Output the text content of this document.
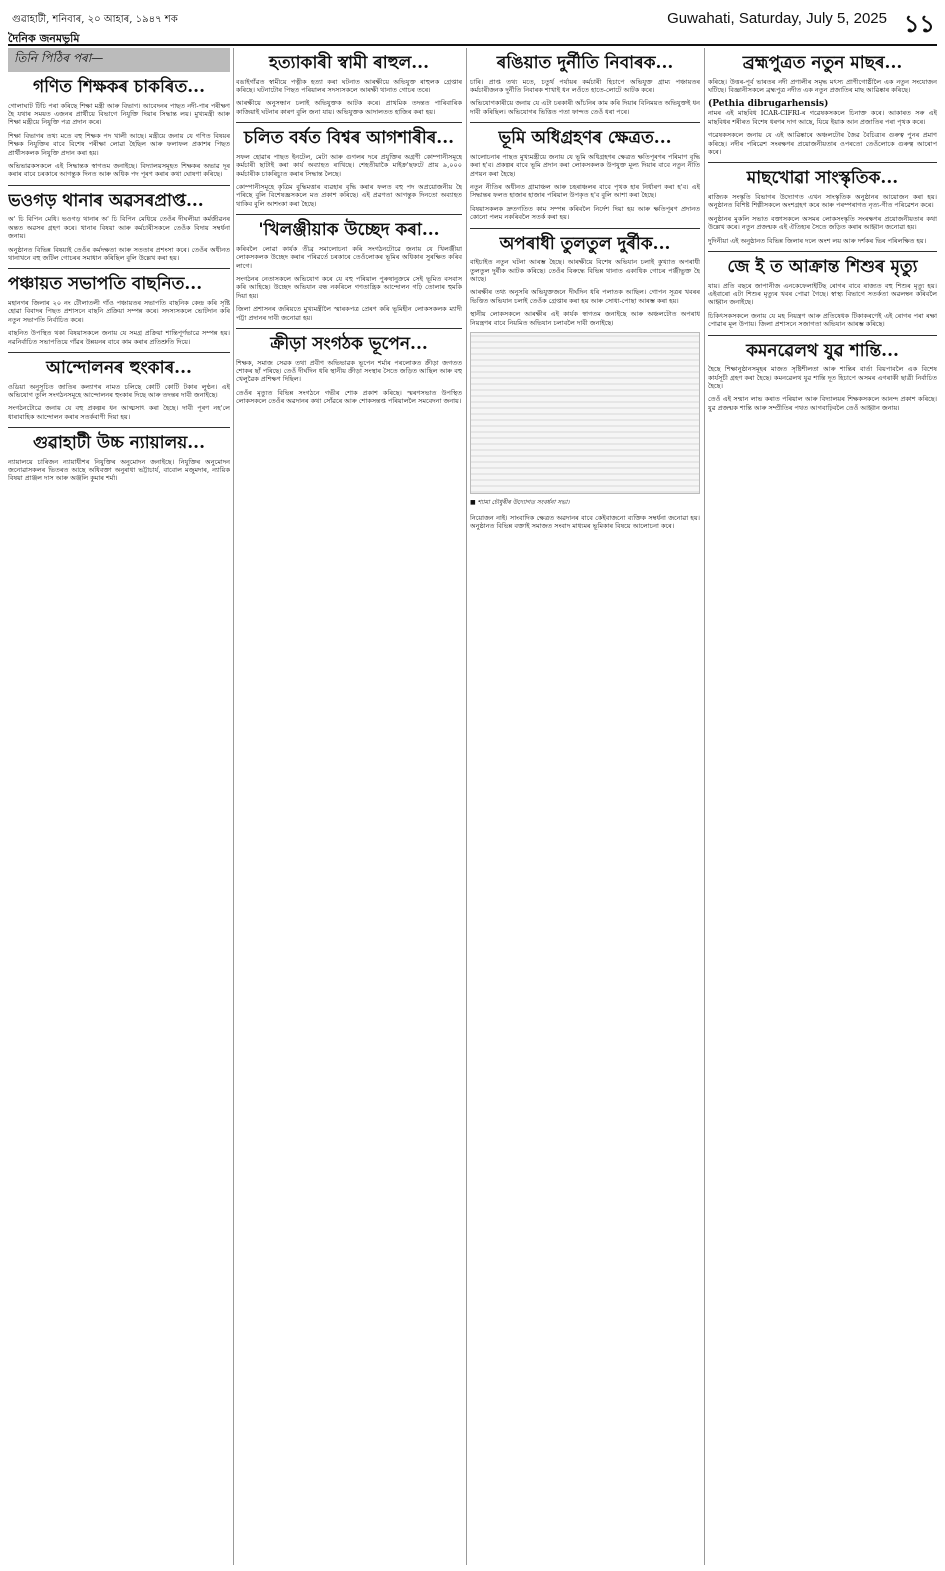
গুৱাহাটী, শনিবাৰ, ২০ আহাৰ, ১৯৪৭ শক
দৈনিক জনমভূমি
Guwahati, Saturday, July 5, 2025 ১১
তিনি পিঠিৰ পৰা—
গণিত শিক্ষকৰ চাকৰিত...

গোলাঘাট টিচি পৰা কৰিছে শিক্ষা মন্ত্ৰী আৰু বিভাগ। আবেদনৰ পাছত নদী-পাৰ পৰীক্ষণ হৈ যথাৰ সময়ত এজনৰ প্ৰাৰ্থীয়ে বিভাগে নিযুক্তি দিয়াৰ সিদ্ধান্ত লয়। মুখ্যমন্ত্ৰী আৰু শিক্ষা মন্ত্ৰীয়ে নিযুক্তি পত্ৰ প্ৰদান কৰে।

শিক্ষা বিভাগৰ তথ্য মতে বহু শিক্ষক পদ খালী আছে। মন্ত্ৰীয়ে জনায় যে গণিত বিষয়ৰ শিক্ষক নিযুক্তিৰ বাবে বিশেষ পৰীক্ষা লোৱা হৈছিল আৰু ফলাফল প্ৰকাশৰ পিছত প্ৰাৰ্থীসকলক নিযুক্তি প্ৰদান কৰা হয়।

অভিভাৱকসকলে এই সিদ্ধান্তক স্বাগতম জনাইছে। বিদ্যালয়সমূহত শিক্ষকৰ অভাৱ দূৰ কৰাৰ বাবে চৰকাৰে আগন্তুক দিনত আৰু অধিক পদ পূৰণ কৰাৰ কথা ঘোষণা কৰিছে।

ভওগড় থানাৰ অৱসৰপ্ৰাপ্ত...

অ' চি বিপিন মেধি। ভওগড় থানাৰ অ' চি বিপিন মেধিয়ে তেওঁৰ দীঘলীয়া কৰ্মজীৱনৰ অন্তত অৱসৰ গ্ৰহণ কৰে। থানাৰ বিষয়া আৰু কৰ্মচাৰীসকলে তেওঁক বিদায় সম্বৰ্ধনা জনায়।

অনুষ্ঠানত বিভিন্ন বিষয়াই তেওঁৰ কৰ্মদক্ষতা আৰু সততাৰ প্ৰশংসা কৰে। তেওঁৰ অধীনত থানাখনে বহু জটিল গোচৰৰ সমাধান কৰিছিল বুলি উল্লেখ কৰা হয়।

পঞ্চায়ত সভাপতি বাছনিত...

মহানগৰ জিলাৰ ২০ নং টৌলাতলী গাঁও পঞ্চায়তৰ সভাপতি বাছনিক কেন্দ্ৰ কৰি সৃষ্টি হোৱা বিবাদৰ পিছত প্ৰশাসনে বাছনি প্ৰক্ৰিয়া সম্পন্ন কৰে। সদস্যসকলে ভোটদান কৰি নতুন সভাপতি নিৰ্বাচিত কৰে।

বাছনিত উপস্থিত থকা বিষয়াসকলে জনায় যে সমগ্ৰ প্ৰক্ৰিয়া শান্তিপূৰ্ণভাৱে সম্পন্ন হয়। নৱনিৰ্বাচিত সভাপতিয়ে গাঁৱৰ উন্নয়নৰ বাবে কাম কৰাৰ প্ৰতিশ্ৰুতি দিয়ে।

আন্দোলনৰ হুংকাৰ...

ওডিয়া অনুসূচিত জাতিৰ কল্যাণৰ নামত চলিছে কোটি কোটি টকাৰ লুণ্ঠন। এই অভিযোগ তুলি সংগঠনসমূহে আন্দোলনৰ হুংকাৰ দিছে আৰু তদন্তৰ দাবী জনাইছে।

সংগঠনটোৱে জনায় যে বহু প্ৰকল্পৰ ধন আত্মসাৎ কৰা হৈছে। দাবী পূৰণ নহ'লে ধাৰাবাহিক আন্দোলন কৰাৰ সতৰ্কবাণী দিয়া হয়।

গুৱাহাটী উচ্চ ন্যায়ালয়...

ন্যায়ালয়ে চাৰিজন ন্যায়াধীশৰ নিযুক্তিৰ অনুমোদন জনাইছে। নিযুক্তিৰ অনুমোদন জনোৱাসকলৰ ভিতৰত আছে অধিবক্তা অনুৰাধা ভট্টাচাৰ্য, বাবোল মজুমদাৰ, ন্যায়িক বিষয়া প্ৰাঞ্জল দাস আৰু অঞ্জলি কুমাৰ শৰ্মা।

হত্যাকাৰী স্বামী ৰাহুল...

বঙাইগাঁৱত স্বামীয়ে পত্নীক হত্যা কৰা ঘটনাত আৰক্ষীয়ে অভিযুক্ত ৰাহুলক গ্ৰেপ্তাৰ কৰিছে। ঘটনাটোৰ পিছত পৰিয়ালৰ সদস্যসকলে আৰক্ষী থানাত গোচৰ তৰে।

আৰক্ষীয়ে অনুসন্ধান চলাই অভিযুক্তক আটক কৰে। প্ৰাথমিক তদন্তত পাৰিবাৰিক কাজিয়াই ঘটনাৰ কাৰণ বুলি জনা যায়। অভিযুক্তক আদালতত হাজিৰ কৰা হয়।

চলিত বৰ্ষত বিশ্বৰ আগশাৰীৰ...

সফল হোৱাৰ পাছত ইনটেল, মেটা আৰু গুগলৰ দৰে প্ৰযুক্তিৰ অগ্ৰণী কোম্পানীসমূহে কৰ্মচাৰী ছাটাই কৰা কাৰ্য অব্যাহত ৰাখিছে। শেহতীয়াকৈ মাইক্ৰ'ছফটে প্ৰায় ৯,০০০ কৰ্মচাৰীক চাকৰিচ্যুত কৰাৰ সিদ্ধান্ত লৈছে।

কোম্পানীসমূহে কৃত্ৰিম বুদ্ধিমত্তাৰ ব্যৱহাৰ বৃদ্ধি কৰাৰ ফলত বহু পদ অপ্ৰয়োজনীয় হৈ পৰিছে বুলি বিশেষজ্ঞসকলে মত প্ৰকাশ কৰিছে। এই প্ৰৱণতা আগন্তুক দিনতো অব্যাহত থাকিব বুলি আশংকা কৰা হৈছে।

'খিলঞ্জীয়াক উচ্ছেদ কৰা...

কৰিবলৈ লোৱা কাৰ্যক তীব্ৰ সমালোচনা কৰি সংগঠনটোৱে জনায় যে খিলঞ্জীয়া লোকসকলক উচ্ছেদ কৰাৰ পৰিৱৰ্তে চৰকাৰে তেওঁলোকৰ ভূমিৰ অধিকাৰ সুৰক্ষিত কৰিব লাগে।

সংগঠনৰ নেতাসকলে অভিযোগ কৰে যে বহু পৰিয়াল পুৰুষানুক্ৰমে সেই ভূমিত বসবাস কৰি আহিছে। উচ্ছেদ অভিযান বন্ধ নকৰিলে গণতান্ত্ৰিক আন্দোলন গঢ়ি তোলাৰ হুমকি দিয়া হয়।

জিলা প্ৰশাসনৰ জৰিয়তে মুখ্যমন্ত্ৰীলৈ স্মাৰকপত্ৰ প্ৰেৰণ কৰি ভূমিহীন লোকসকলক ম্যাদী পট্টা প্ৰদানৰ দাবী জনোৱা হয়।

ক্ৰীড়া সংগঠক ভূপেন...

শিক্ষক, সমাজ সেৱক তথা প্ৰবীণ অভিভাৱক ভূপেন শৰ্মাৰ পৰলোকত ক্ৰীড়া জগতত শোকৰ ছাঁ পৰিছে। তেওঁ দীৰ্ঘদিন ধৰি স্থানীয় ক্ৰীড়া সংস্থাৰ সৈতে জড়িত আছিল আৰু বহু খেলুৱৈক প্ৰশিক্ষণ দিছিল।

তেওঁৰ মৃত্যুত বিভিন্ন সংগঠনে গভীৰ শোক প্ৰকাশ কৰিছে। স্মৰণসভাত উপস্থিত লোকসকলে তেওঁৰ অৱদানৰ কথা সোঁৱৰে আৰু শোকসন্তপ্ত পৰিয়াললৈ সমবেদনা জনায়।

ৰঙিয়াত দুৰ্নীতি নিবাৰক...

চাৰি। প্ৰাপ্ত তথ্য মতে, চতুৰ্থ পৰ্যায়ৰ কৰ্মচাৰী হিচাপে অভিযুক্ত গ্ৰাম্য পঞ্চায়তৰ কৰ্মচাৰীজনক দুৰ্নীতি নিবাৰক শাখাই ধন লওঁতে হাতে-লোটে আটক কৰে।

অভিযোগকাৰীয়ে জনায় যে এটা চৰকাৰী আঁচনিৰ কাম কৰি দিয়াৰ বিনিময়ত অভিযুক্তই ধন দাবী কৰিছিল। অভিযোগৰ ভিত্তিত পতা ফান্দত তেওঁ ধৰা পৰে।

ভূমি অধিগ্ৰহণৰ ক্ষেত্ৰত...

আলোচনাৰ পাছত মুখ্যমন্ত্ৰীয়ে জনায় যে ভূমি অধিগ্ৰহণৰ ক্ষেত্ৰত ক্ষতিপূৰণৰ পৰিমাণ বৃদ্ধি কৰা হ'ব। প্ৰকল্পৰ বাবে ভূমি প্ৰদান কৰা লোকসকলক উপযুক্ত মূল্য দিয়াৰ বাবে নতুন নীতি প্ৰণয়ন কৰা হৈছে।

নতুন নীতিৰ অধীনত গ্ৰামাঞ্চল আৰু চহৰাঞ্চলৰ বাবে পৃথক হাৰ নিৰ্ধাৰণ কৰা হ'ব। এই সিদ্ধান্তৰ ফলত হাজাৰ হাজাৰ পৰিয়াল উপকৃত হ'ব বুলি আশা কৰা হৈছে।

বিষয়াসকলক দ্ৰুতগতিত কাম সম্পন্ন কৰিবলৈ নিৰ্দেশ দিয়া হয় আৰু ক্ষতিপূৰণ প্ৰদানত কোনো পলম নকৰিবলৈ সতৰ্ক কৰা হয়।

অপৰাধী তুলতুল দুৰ্ৰীক...

বাইচাইত নতুন ঘটনা আৰম্ভ হৈছে। আৰক্ষীয়ে বিশেষ অভিযান চলাই কুখ্যাত অপৰাধী তুলতুল দুৰ্ৰীক আটক কৰিছে। তেওঁৰ বিৰুদ্ধে বিভিন্ন থানাত একাধিক গোচৰ পঞ্জীভুক্ত হৈ আছে।

আৰক্ষীৰ তথ্য অনুসৰি অভিযুক্তজনে দীৰ্ঘদিন ধৰি পলাতক আছিল। গোপন সূত্ৰৰ খবৰৰ ভিত্তিত অভিযান চলাই তেওঁক গ্ৰেপ্তাৰ কৰা হয় আৰু সোধা-পোছা আৰম্ভ কৰা হয়।

স্থানীয় লোকসকলে আৰক্ষীৰ এই কাৰ্যক স্বাগতম জনাইছে আৰু অঞ্চলটোত অপৰাধ নিয়ন্ত্ৰণৰ বাবে নিয়মিত অভিযান চলাবলৈ দাবী জনাইছে।

■ শ্যামা চৌধুৰীৰ উদ্যোগত সংবৰ্ধনা সভা।

নিয়োজন নাই। সাংবাদিক ক্ষেত্ৰত অৱদানৰ বাবে কেইবাজনো ব্যক্তিক সম্বৰ্ধনা জনোৱা হয়। অনুষ্ঠানত বিভিন্ন বক্তাই সমাজত সংবাদ মাধ্যমৰ ভূমিকাৰ বিষয়ে আলোচনা কৰে।

ব্ৰহ্মপুত্ৰত নতুন মাছৰ...

কৰিছে। উত্তৰ-পূৰ্ব ভাৰতৰ নদী প্ৰণালীৰ সমৃদ্ধ মৎস্য প্ৰাণীগোষ্ঠীলৈ এক নতুন সংযোজন ঘটিছে। বিজ্ঞানীসকলে ব্ৰহ্মপুত্ৰ নদীত এক নতুন প্ৰজাতিৰ মাছ আৱিষ্কাৰ কৰিছে।

(Pethia dibrugarhensis)

নামৰ এই মাছবিধ ICAR-CIFRI-ৰ গৱেষকসকলে চিনাক্ত কৰে। আকাৰত সৰু এই মাছবিধৰ শৰীৰত বিশেষ ধৰণৰ দাগ আছে, যিয়ে ইয়াক আন প্ৰজাতিৰ পৰা পৃথক কৰে।

গৱেষকসকলে জনায় যে এই আৱিষ্কাৰে অঞ্চলটোৰ জৈৱ বৈচিত্ৰ্যৰ গুৰুত্ব পুনৰ প্ৰমাণ কৰিছে। নদীৰ পৰিৱেশ সংৰক্ষণৰ প্ৰয়োজনীয়তাৰ ওপৰতো তেওঁলোকে গুৰুত্ব আৰোপ কৰে।

মাছখোৱা সাংস্কৃতিক...

ৰাজ্যিক সংস্কৃতি বিভাগৰ উদ্যোগত এখন সাংস্কৃতিক অনুষ্ঠানৰ আয়োজন কৰা হয়। অনুষ্ঠানত বিশিষ্ট শিল্পীসকলে অংশগ্ৰহণ কৰে আৰু পৰম্পৰাগত নৃত্য-গীত পৰিৱেশন কৰে।

অনুষ্ঠানৰ মুকলি সভাত বক্তাসকলে অসমৰ লোকসংস্কৃতি সংৰক্ষণৰ প্ৰয়োজনীয়তাৰ কথা উল্লেখ কৰে। নতুন প্ৰজন্মক এই ঐতিহ্যৰ সৈতে জড়িত কৰাৰ আহ্বান জনোৱা হয়।

দুদিনীয়া এই অনুষ্ঠানত বিভিন্ন জিলাৰ দলে অংশ লয় আৰু দৰ্শকৰ ভিৰ পৰিলক্ষিত হয়।

জে ই ত আক্ৰান্ত শিশুৰ মৃত্যু

যায়। প্ৰতি বছৰে জাপানীজ এনকেফেলাইটিছ ৰোগৰ বাবে ৰাজ্যত বহু শিশুৰ মৃত্যু হয়। এইবাৰো এটা শিশুৰ মৃত্যুৰ খবৰ পোৱা গৈছে। স্বাস্থ্য বিভাগে সতৰ্কতা অৱলম্বন কৰিবলৈ আহ্বান জনাইছে।

চিকিৎসকসকলে জনায় যে মহ নিয়ন্ত্ৰণ আৰু প্ৰতিষেধক টিকাকৰণেই এই ৰোগৰ পৰা ৰক্ষা পোৱাৰ মূল উপায়। জিলা প্ৰশাসনে সজাগতা অভিযান আৰম্ভ কৰিছে।

কমনৱেলথ যুৱ শান্তি...

হৈছে শিক্ষানুষ্ঠানসমূহৰ মাজত সৃষ্টিশীলতা আৰু শান্তিৰ বাৰ্তা বিয়পাবলৈ এক বিশেষ কাৰ্যসূচী গ্ৰহণ কৰা হৈছে। কমনৱেলথ যুৱ শান্তি দূত হিচাপে অসমৰ এগৰাকী ছাত্ৰী নিৰ্বাচিত হৈছে।

তেওঁ এই সন্মান লাভ কৰাত পৰিয়াল আৰু বিদ্যালয়ৰ শিক্ষকসকলে আনন্দ প্ৰকাশ কৰিছে। যুৱ প্ৰজন্মক শান্তি আৰু সম্প্ৰীতিৰ পথত আগবাঢ়িবলৈ তেওঁ আহ্বান জনায়।
